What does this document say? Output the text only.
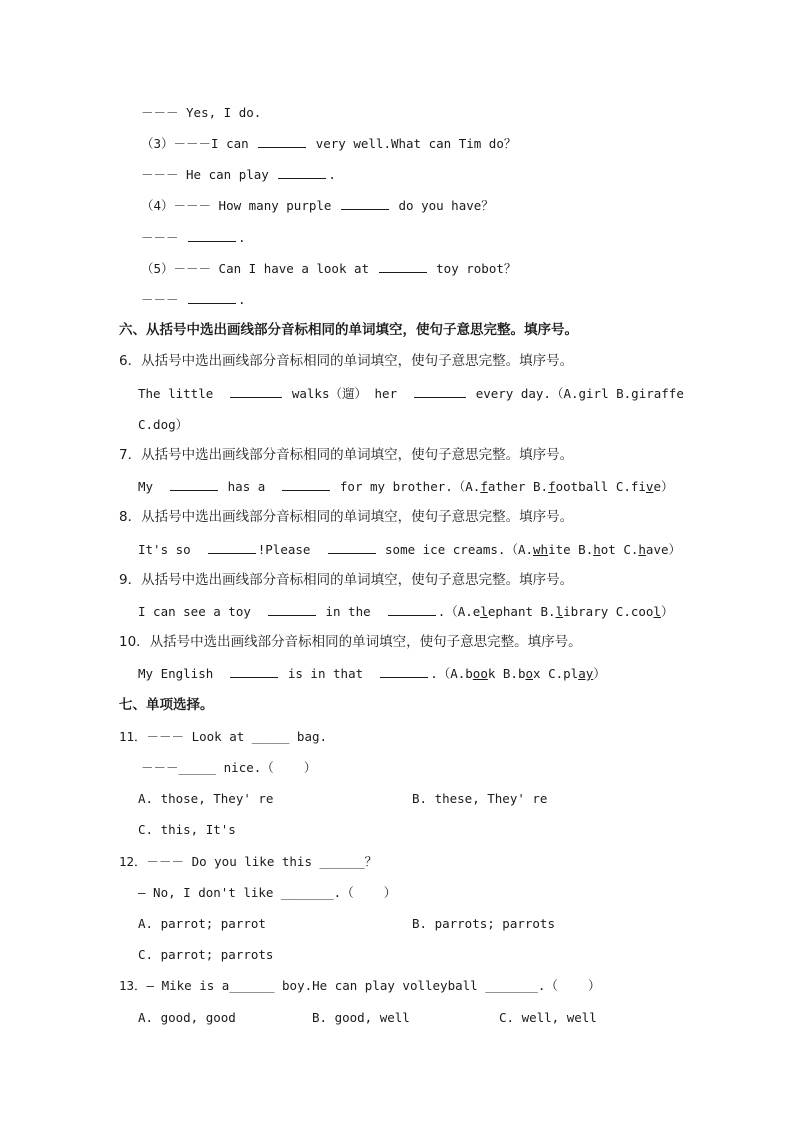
－－－ Yes, I do.
（3）－－－I can	very well.What can Tim do？
－－－ He can play	.
（4）－－－ How many purple	do you have？
－－－	.
（5）－－－ Can I have a look at	toy robot？
－－－	.
六、从括号中选出画线部分音标相同的单词填空，使句子意思完整。填序号。
6．从括号中选出画线部分音标相同的单词填空，使句子意思完整。填序号。
The little	walks（遛） her	every day.（A.girl B.giraffe
C.dog）
7．从括号中选出画线部分音标相同的单词填空，使句子意思完整。填序号。
My	has a	for my brother.（A.father B.football C.five）
8．从括号中选出画线部分音标相同的单词填空，使句子意思完整。填序号。
It's so	!Please	some ice creams.（A.white B.hot C.have）
9．从括号中选出画线部分音标相同的单词填空，使句子意思完整。填序号。
I can see a toy	in the	.（A.elephant B.library C.cool）
10．从括号中选出画线部分音标相同的单词填空，使句子意思完整。填序号。
My English	is in that	.（A.book B.box C.play）
七、单项选择。
11．－－－ Look at _____ bag.
－－－_____ nice.（    ）
A. those, They' re	B. these, They' re
C. this, It's
12．－－－ Do you like this ______？
— No, I don't like _______.（    ）
A. parrot; parrot	B. parrots; parrots
C. parrot; parrots
13．— Mike is a______ boy.He can play volleyball _______.（    ）
A. good, good	B. good, well	C. well, well
